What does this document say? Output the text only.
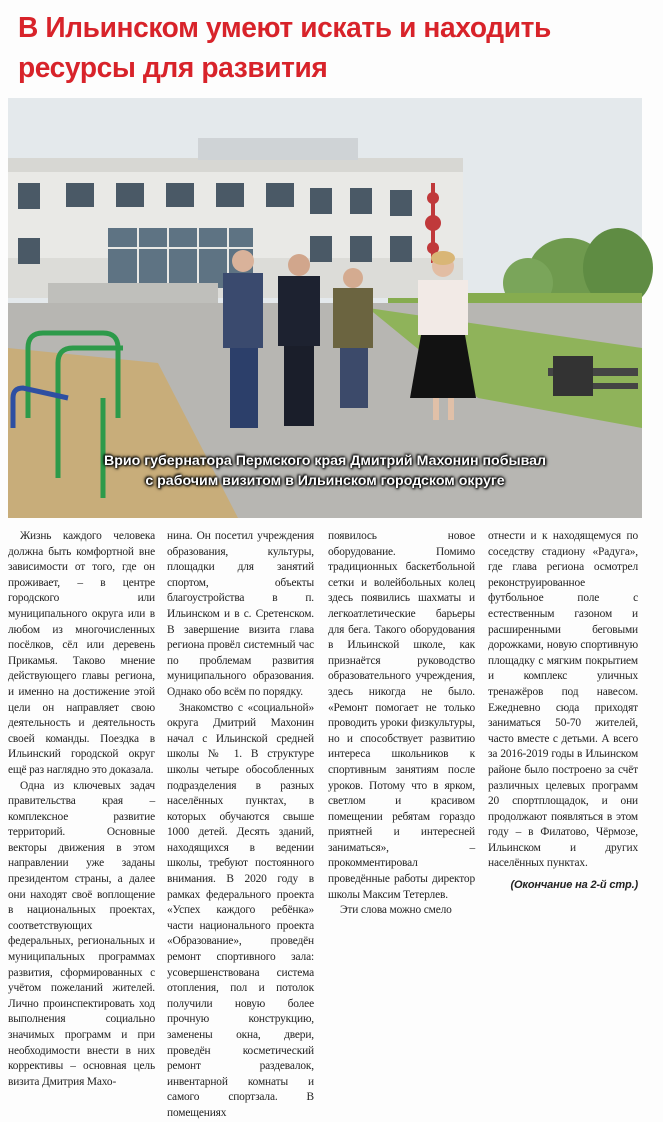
В Ильинском умеют искать и находить
ресурсы для развития
Врио губернатора Пермского края Дмитрий Махонин побывал
с рабочим визитом в Ильинском городском округе

Жизнь каждого человека должна быть комфортной вне зависимости от того, где он проживает, – в центре городского или муниципального округа или в любом из многочисленных посёлков, сёл или деревень Прикамья. Таково мнение действующего главы региона, и именно на достижение этой цели он направляет свою деятельность и деятельность своей команды. Поездка в Ильинский городской округ ещё раз наглядно это доказала.

Одна из ключевых задач правительства края – комплексное развитие территорий. Основные векторы движения в этом направлении уже заданы президентом страны, а далее они находят своё воплощение в национальных проектах, соответствующих федеральных, региональных и муниципальных программах развития, сформированных с учётом пожеланий жителей. Лично проинспектировать ход выполнения социально значимых программ и при необходимости внести в них коррективы – основная цель визита Дмитрия Махо-

нина. Он посетил учреждения образования, культуры, площадки для занятий спортом, объекты благоустройства в п. Ильинском и в с. Сретенском. В завершение визита глава региона провёл системный час по проблемам развития муниципального образования. Однако обо всём по порядку.

Знакомство с «социальной» округа Дмитрий Махонин начал с Ильинской средней школы № 1. В структуре школы четыре обособленных подразделения в разных населённых пунктах, в которых обучаются свыше 1000 детей. Десять зданий, находящихся в ведении школы, требуют постоянного внимания. В 2020 году в рамках федерального проекта «Успех каждого ребёнка» части национального проекта «Образование», проведён ремонт спортивного зала: усовершенствована система отопления, пол и потолок получили новую более прочную конструкцию, заменены окна, двери, проведён косметический ремонт раздевалок, инвентарной комнаты и самого спортзала. В помещениях

появилось новое оборудование. Помимо традиционных баскетбольной сетки и волейбольных колец здесь появились шахматы и легкоатлетические барьеры для бега. Такого оборудования в Ильинской школе, как признаётся руководство образовательного учреждения, здесь никогда не было. «Ремонт помогает не только проводить уроки физкультуры, но и способствует развитию интереса школьников к спортивным занятиям после уроков. Потому что в ярком, светлом и красивом помещении ребятам гораздо приятней и интересней заниматься», – прокомментировал проведённые работы директор школы Максим Тетерлев.

Эти слова можно смело

отнести и к находящемуся по соседству стадиону «Радуга», где глава региона осмотрел реконструированное футбольное поле с естественным газоном и расширенными беговыми дорожками, новую спортивную площадку с мягким покрытием и комплекс уличных тренажёров под навесом. Ежедневно сюда приходят заниматься 50-70 жителей, часто вместе с детьми. А всего за 2016-2019 годы в Ильинском районе было построено за счёт различных целевых программ 20 спортплощадок, и они продолжают появляться в этом году – в Филатово, Чёрмозе, Ильинском и других населённых пунктах.

(Окончание на 2-й стр.)
